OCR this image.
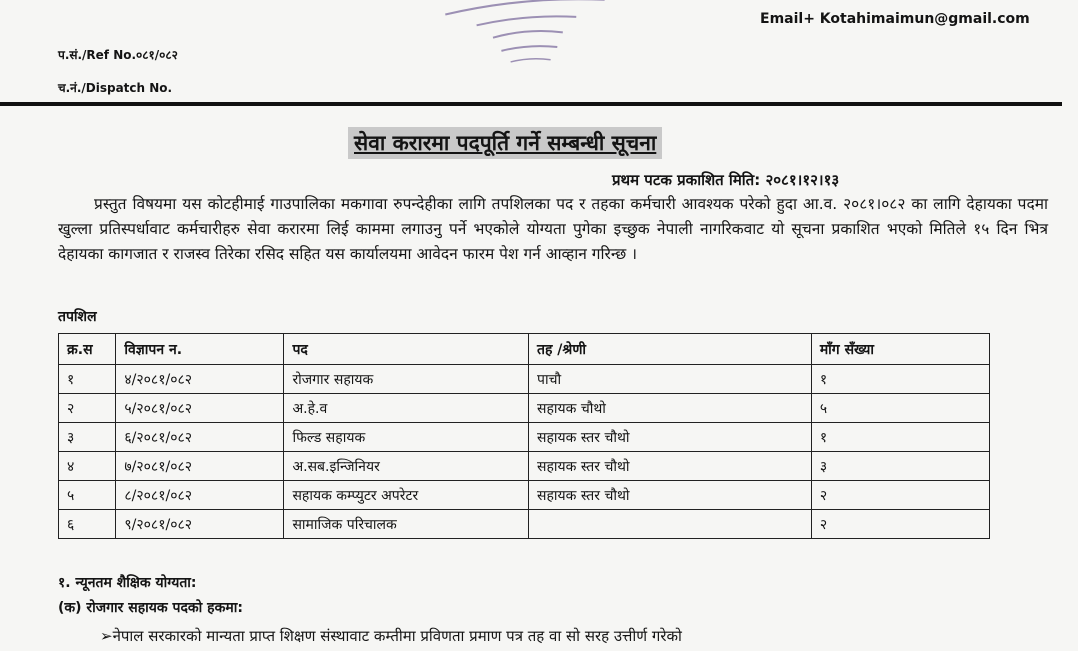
Email+ Kotahimaimun@gmail.com
प.सं./Ref No.०८१/०८२
च.नं./Dispatch No.
सेवा करारमा पदपूर्ति गर्ने सम्बन्धी सूचना
प्रथम पटक प्रकाशित मिति: २०८१।१२।१३
प्रस्तुत विषयमा यस कोटहीमाई गाउपालिका मकगावा रुपन्देहीका लागि तपशिलका पद र तहका कर्मचारी आवश्यक परेको हुदा आ.व. २०८१।०८२ का लागि देहायका पदमा खुल्ला प्रतिस्पर्धावाट कर्मचारीहरु सेवा करारमा लिई काममा लगाउनु पर्ने भएकोले योग्यता पुगेका इच्छुक नेपाली नागरिकवाट यो सूचना प्रकाशित भएको मितिले १५ दिन भित्र देहायका कागजात र राजस्व तिरेका रसिद सहित यस कार्यालयमा आवेदन फारम पेश गर्न आव्हान गरिन्छ ।
तपशिल
क्र.स	विज्ञापन न.	पद	तह /श्रेणी	माँग सँख्या
१	४/२०८१/०८२	रोजगार सहायक	पाचौ	१
२	५/२०८१/०८२	अ.हे.व	सहायक चौथो	५
३	६/२०८१/०८२	फिल्ड सहायक	सहायक स्तर चौथो	१
४	७/२०८१/०८२	अ.सब.इन्जिनियर	सहायक स्तर चौथो	३
५	८/२०८१/०८२	सहायक कम्प्युटर अपरेटर	सहायक स्तर चौथो	२
६	९/२०८१/०८२	सामाजिक परिचालक		२
१. न्यूनतम शैक्षिक योग्यता:
(क) रोजगार सहायक पदको हकमा:
➢नेपाल सरकारको मान्यता प्राप्त शिक्षण संस्थावाट कम्तीमा प्रविणता प्रमाण पत्र तह वा सो सरह उत्तीर्ण गरेको
